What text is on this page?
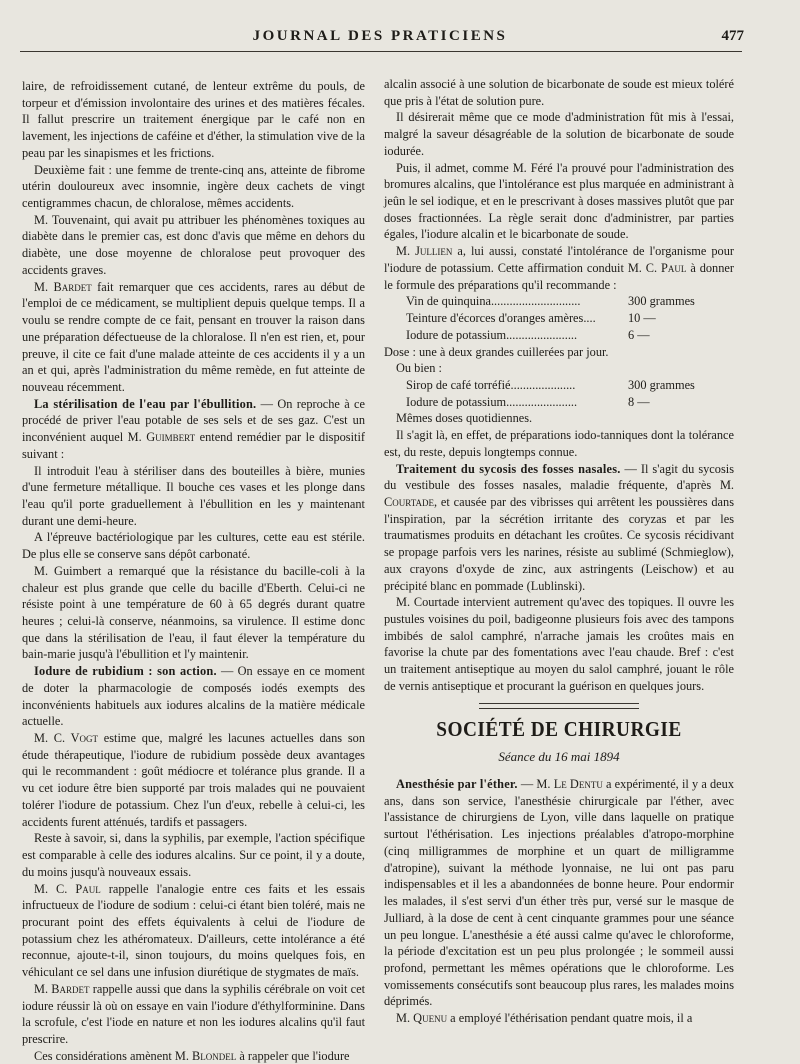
JOURNAL DES PRATICIENS	477

laire, de refroidissement cutané, de lenteur extrême du pouls, de torpeur et d'émission involontaire des urines et des matières fécales. Il fallut prescrire un traitement énergique par le café non en lavement, les injections de caféine et d'éther, la stimulation vive de la peau par les sinapismes et les frictions.

Deuxième fait : une femme de trente-cinq ans, atteinte de fibrome utérin douloureux avec insomnie, ingère deux cachets de vingt centigrammes chacun, de chloralose, mêmes accidents.

M. Touvenaint, qui avait pu attribuer les phénomènes toxiques au diabète dans le premier cas, est donc d'avis que même en dehors du diabète, une dose moyenne de chloralose peut provoquer des accidents graves.

M. Bardet fait remarquer que ces accidents, rares au début de l'emploi de ce médicament, se multiplient depuis quelque temps. Il a voulu se rendre compte de ce fait, pensant en trouver la raison dans une préparation défectueuse de la chloralose. Il n'en est rien, et, pour preuve, il cite ce fait d'une malade atteinte de ces accidents il y a un an et qui, après l'administration du même remède, en fut atteinte de nouveau récemment.

La stérilisation de l'eau par l'ébullition. — On reproche à ce procédé de priver l'eau potable de ses sels et de ses gaz. C'est un inconvénient auquel M. Guimbert entend remédier par le dispositif suivant :

Il introduit l'eau à stériliser dans des bouteilles à bière, munies d'une fermeture métallique. Il bouche ces vases et les plonge dans l'eau qu'il porte graduellement à l'ébullition en les y maintenant durant une demi-heure.

A l'épreuve bactériologique par les cultures, cette eau est stérile. De plus elle se conserve sans dépôt carbonaté.

M. Guimbert a remarqué que la résistance du bacille-coli à la chaleur est plus grande que celle du bacille d'Eberth. Celui-ci ne résiste point à une température de 60 à 65 degrés durant quatre heures ; celui-là conserve, néanmoins, sa virulence. Il estime donc que dans la stérilisation de l'eau, il faut élever la température du bain-marie jusqu'à l'ébullition et l'y maintenir.

Iodure de rubidium : son action. — On essaye en ce moment de doter la pharmacologie de composés iodés exempts des inconvénients habituels aux iodures alcalins de la matière médicale actuelle.

M. C. Vogt estime que, malgré les lacunes actuelles dans son étude thérapeutique, l'iodure de rubidium possède deux avantages qui le recommandent : goût médiocre et tolérance plus grande. Il a vu cet iodure être bien supporté par trois malades qui ne pouvaient tolérer l'iodure de potassium. Chez l'un d'eux, rebelle à celui-ci, les accidents furent atténués, tardifs et passagers.

Reste à savoir, si, dans la syphilis, par exemple, l'action spécifique est comparable à celle des iodures alcalins. Sur ce point, il y a doute, du moins jusqu'à nouveaux essais.

M. C. Paul rappelle l'analogie entre ces faits et les essais infructueux de l'iodure de sodium : celui-ci étant bien toléré, mais ne procurant point des effets équivalents à celui de l'iodure de potassium chez les athéromateux. D'ailleurs, cette intolérance a été reconnue, ajoute-t-il, sinon toujours, du moins quelques fois, en véhiculant ce sel dans une infusion diurétique de stygmates de maïs.

M. Bardet rappelle aussi que dans la syphilis cérébrale on voit cet iodure réussir là où on essaye en vain l'iodure d'éthylforminine. Dans la scrofule, c'est l'iode en nature et non les iodures alcalins qu'il faut prescrire.

Ces considérations amènent M. Blondel à rappeler que l'iodure

alcalin associé à une solution de bicarbonate de soude est mieux toléré que pris à l'état de solution pure.

Il désirerait même que ce mode d'administration fût mis à l'essai, malgré la saveur désagréable de la solution de bicarbonate de soude iodurée.

Puis, il admet, comme M. Féré l'a prouvé pour l'administration des bromures alcalins, que l'intolérance est plus marquée en administrant à jeûn le sel iodique, et en le prescrivant à doses massives plutôt que par doses fractionnées. La règle serait donc d'administrer, par parties égales, l'iodure alcalin et le bicarbonate de soude.

M. Jullien a, lui aussi, constaté l'intolérance de l'organisme pour l'iodure de potassium. Cette affirmation conduit M. C. Paul à donner le formule des préparations qu'il recommande :

Vin de quinquina.............................	300 grammes
Teinture d'écorces d'oranges amères....	10 —
Iodure de potassium.......................	6 —

Dose : une à deux grandes cuillerées par jour.

Ou bien :

Sirop de café torréfié.....................	300 grammes
Iodure de potassium.......................	8 —

Mêmes doses quotidiennes.

Il s'agit là, en effet, de préparations iodo-tanniques dont la tolérance est, du reste, depuis longtemps connue.

Traitement du sycosis des fosses nasales. — Il s'agit du sycosis du vestibule des fosses nasales, maladie fréquente, d'après M. Courtade, et causée par des vibrisses qui arrêtent les poussières dans l'inspiration, par la sécrétion irritante des coryzas et par les traumatismes produits en détachant les croûtes. Ce sycosis récidivant se propage parfois vers les narines, résiste au sublimé (Schmieglow), aux crayons d'oxyde de zinc, aux astringents (Leischow) et au précipité blanc en pommade (Lublinski).

M. Courtade intervient autrement qu'avec des topiques. Il ouvre les pustules voisines du poil, badigeonne plusieurs fois avec des tampons imbibés de salol camphré, n'arrache jamais les croûtes mais en favorise la chute par des fomentations avec l'eau chaude. Bref : c'est un traitement antiseptique au moyen du salol camphré, jouant le rôle de vernis antiseptique et procurant la guérison en quelques jours.

SOCIÉTÉ DE CHIRURGIE
Séance du 16 mai 1894

Anesthésie par l'éther. — M. Le Dentu a expérimenté, il y a deux ans, dans son service, l'anesthésie chirurgicale par l'éther, avec l'assistance de chirurgiens de Lyon, ville dans laquelle on pratique surtout l'éthérisation. Les injections préalables d'atropo-morphine (cinq milligrammes de morphine et un quart de milligramme d'atropine), suivant la méthode lyonnaise, ne lui ont pas paru indispensables et il les a abandonnées de bonne heure. Pour endormir les malades, il s'est servi d'un éther très pur, versé sur le masque de Julliard, à la dose de cent à cent cinquante grammes pour une séance un peu longue. L'anesthésie a été aussi calme qu'avec le chloroforme, la période d'excitation est un peu plus prolongée ; le sommeil aussi profond, permettant les mêmes opérations que le chloroforme. Les vomissements consécutifs sont beaucoup plus rares, les malades moins déprimés.

M. Quenu a employé l'éthérisation pendant quatre mois, il a
